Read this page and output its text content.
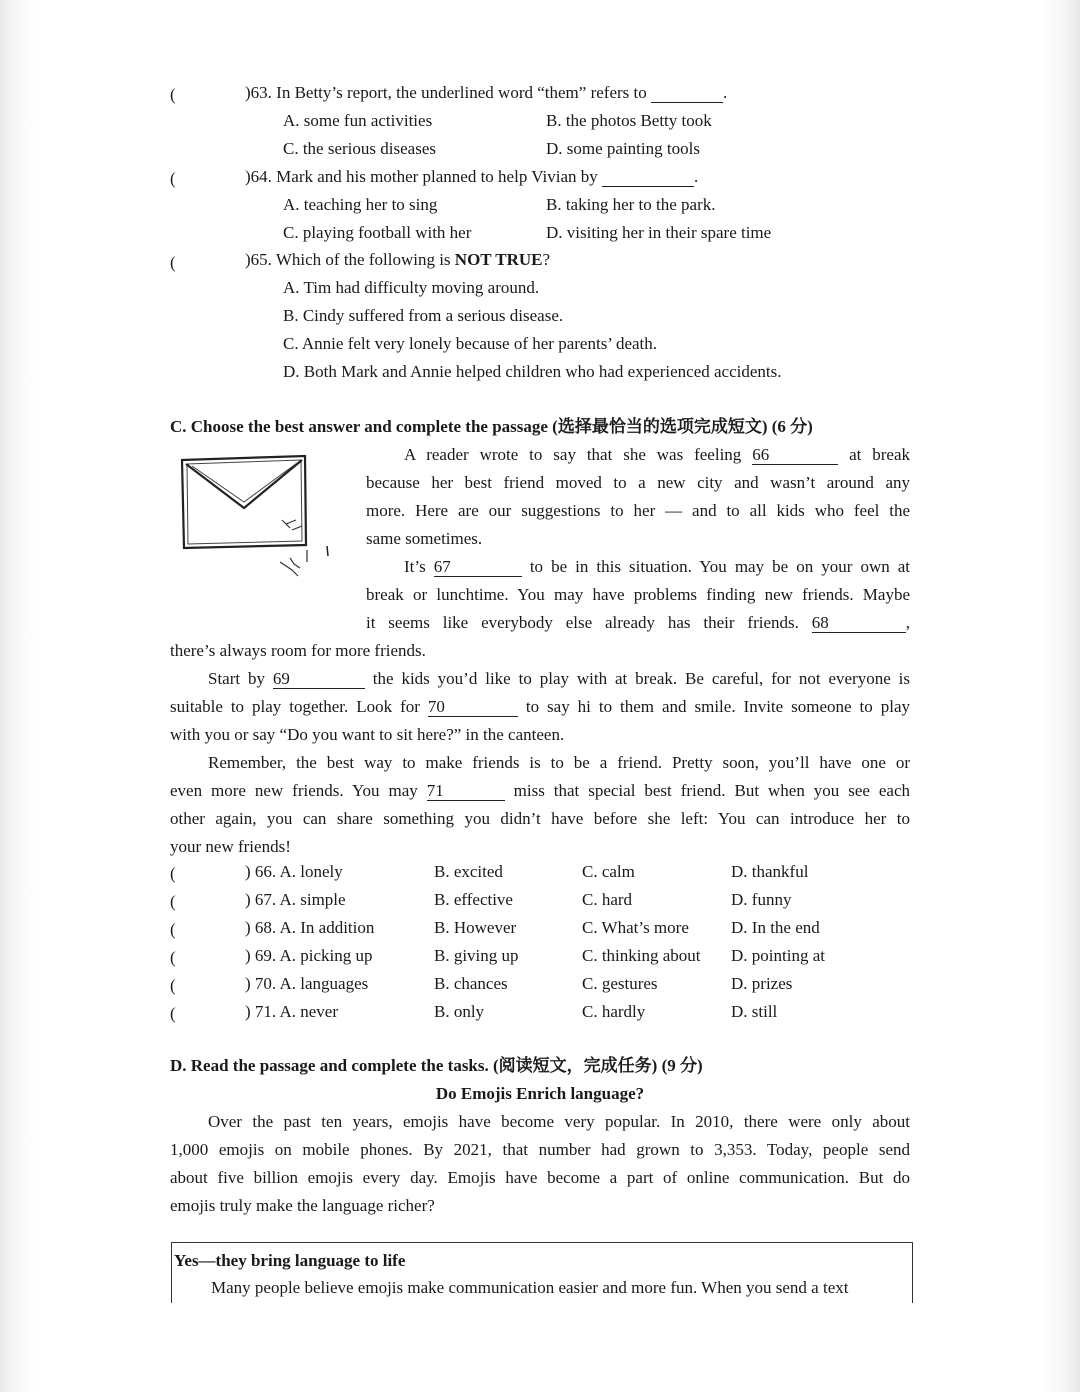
(	)63. In Betty’s report, the underlined word “them” refers to	.
A. some fun activities	B. the photos Betty took
C. the serious diseases	D. some painting tools
(	)64. Mark and his mother planned to help Vivian by	.
A. teaching her to sing	B. taking her to the park.
C. playing football with her	D. visiting her in their spare time
(	)65. Which of the following is NOT TRUE?
A. Tim had difficulty moving around.
B. Cindy suffered from a serious disease.
C. Annie felt very lonely because of her parents’ death.
D. Both Mark and Annie helped children who had experienced accidents.
C. Choose the best answer and complete the passage (选择最恰当的选项完成短文) (6 分)
A reader wrote to say that she was feeling 66	at break
because her best friend moved to a new city and wasn’t around any
more. Here are our suggestions to her — and to all kids who feel the
same sometimes.
It’s 67	to be in this situation. You may be on your own at
break or lunchtime. You may have problems finding new friends. Maybe
it seems like everybody else already has their friends. 68	,
there’s always room for more friends.
Start by 69	the kids you’d like to play with at break. Be careful, for not everyone is
suitable to play together. Look for 70	to say hi to them and smile. Invite someone to play
with you or say “Do you want to sit here?” in the canteen.
Remember, the best way to make friends is to be a friend. Pretty soon, you’ll have one or
even more new friends. You may 71	miss that special best friend. But when you see each
other again, you can share something you didn’t have before she left: You can introduce her to
your new friends!
(	) 66. A. lonely	B. excited	C. calm	D. thankful
(	) 67. A. simple	B. effective	C. hard	D. funny
(	) 68. A. In addition	B. However	C. What’s more D. In the end
(	) 69. A. picking up	B. giving up	C. thinking about D. pointing at
(	) 70. A. languages	B. chances	C. gestures	D. prizes
(	) 71. A. never	B. only	C. hardly	D. still
D. Read the passage and complete the tasks. (阅读短文，完成任务) (9 分)
Do Emojis Enrich language?
Over the past ten years, emojis have become very popular. In 2010, there were only about
1,000 emojis on mobile phones. By 2021, that number had grown to 3,353. Today, people send
about five billion emojis every day. Emojis have become a part of online communication. But do
emojis truly make the language richer?
Yes—they bring language to life
Many people believe emojis make communication easier and more fun. When you send a text
